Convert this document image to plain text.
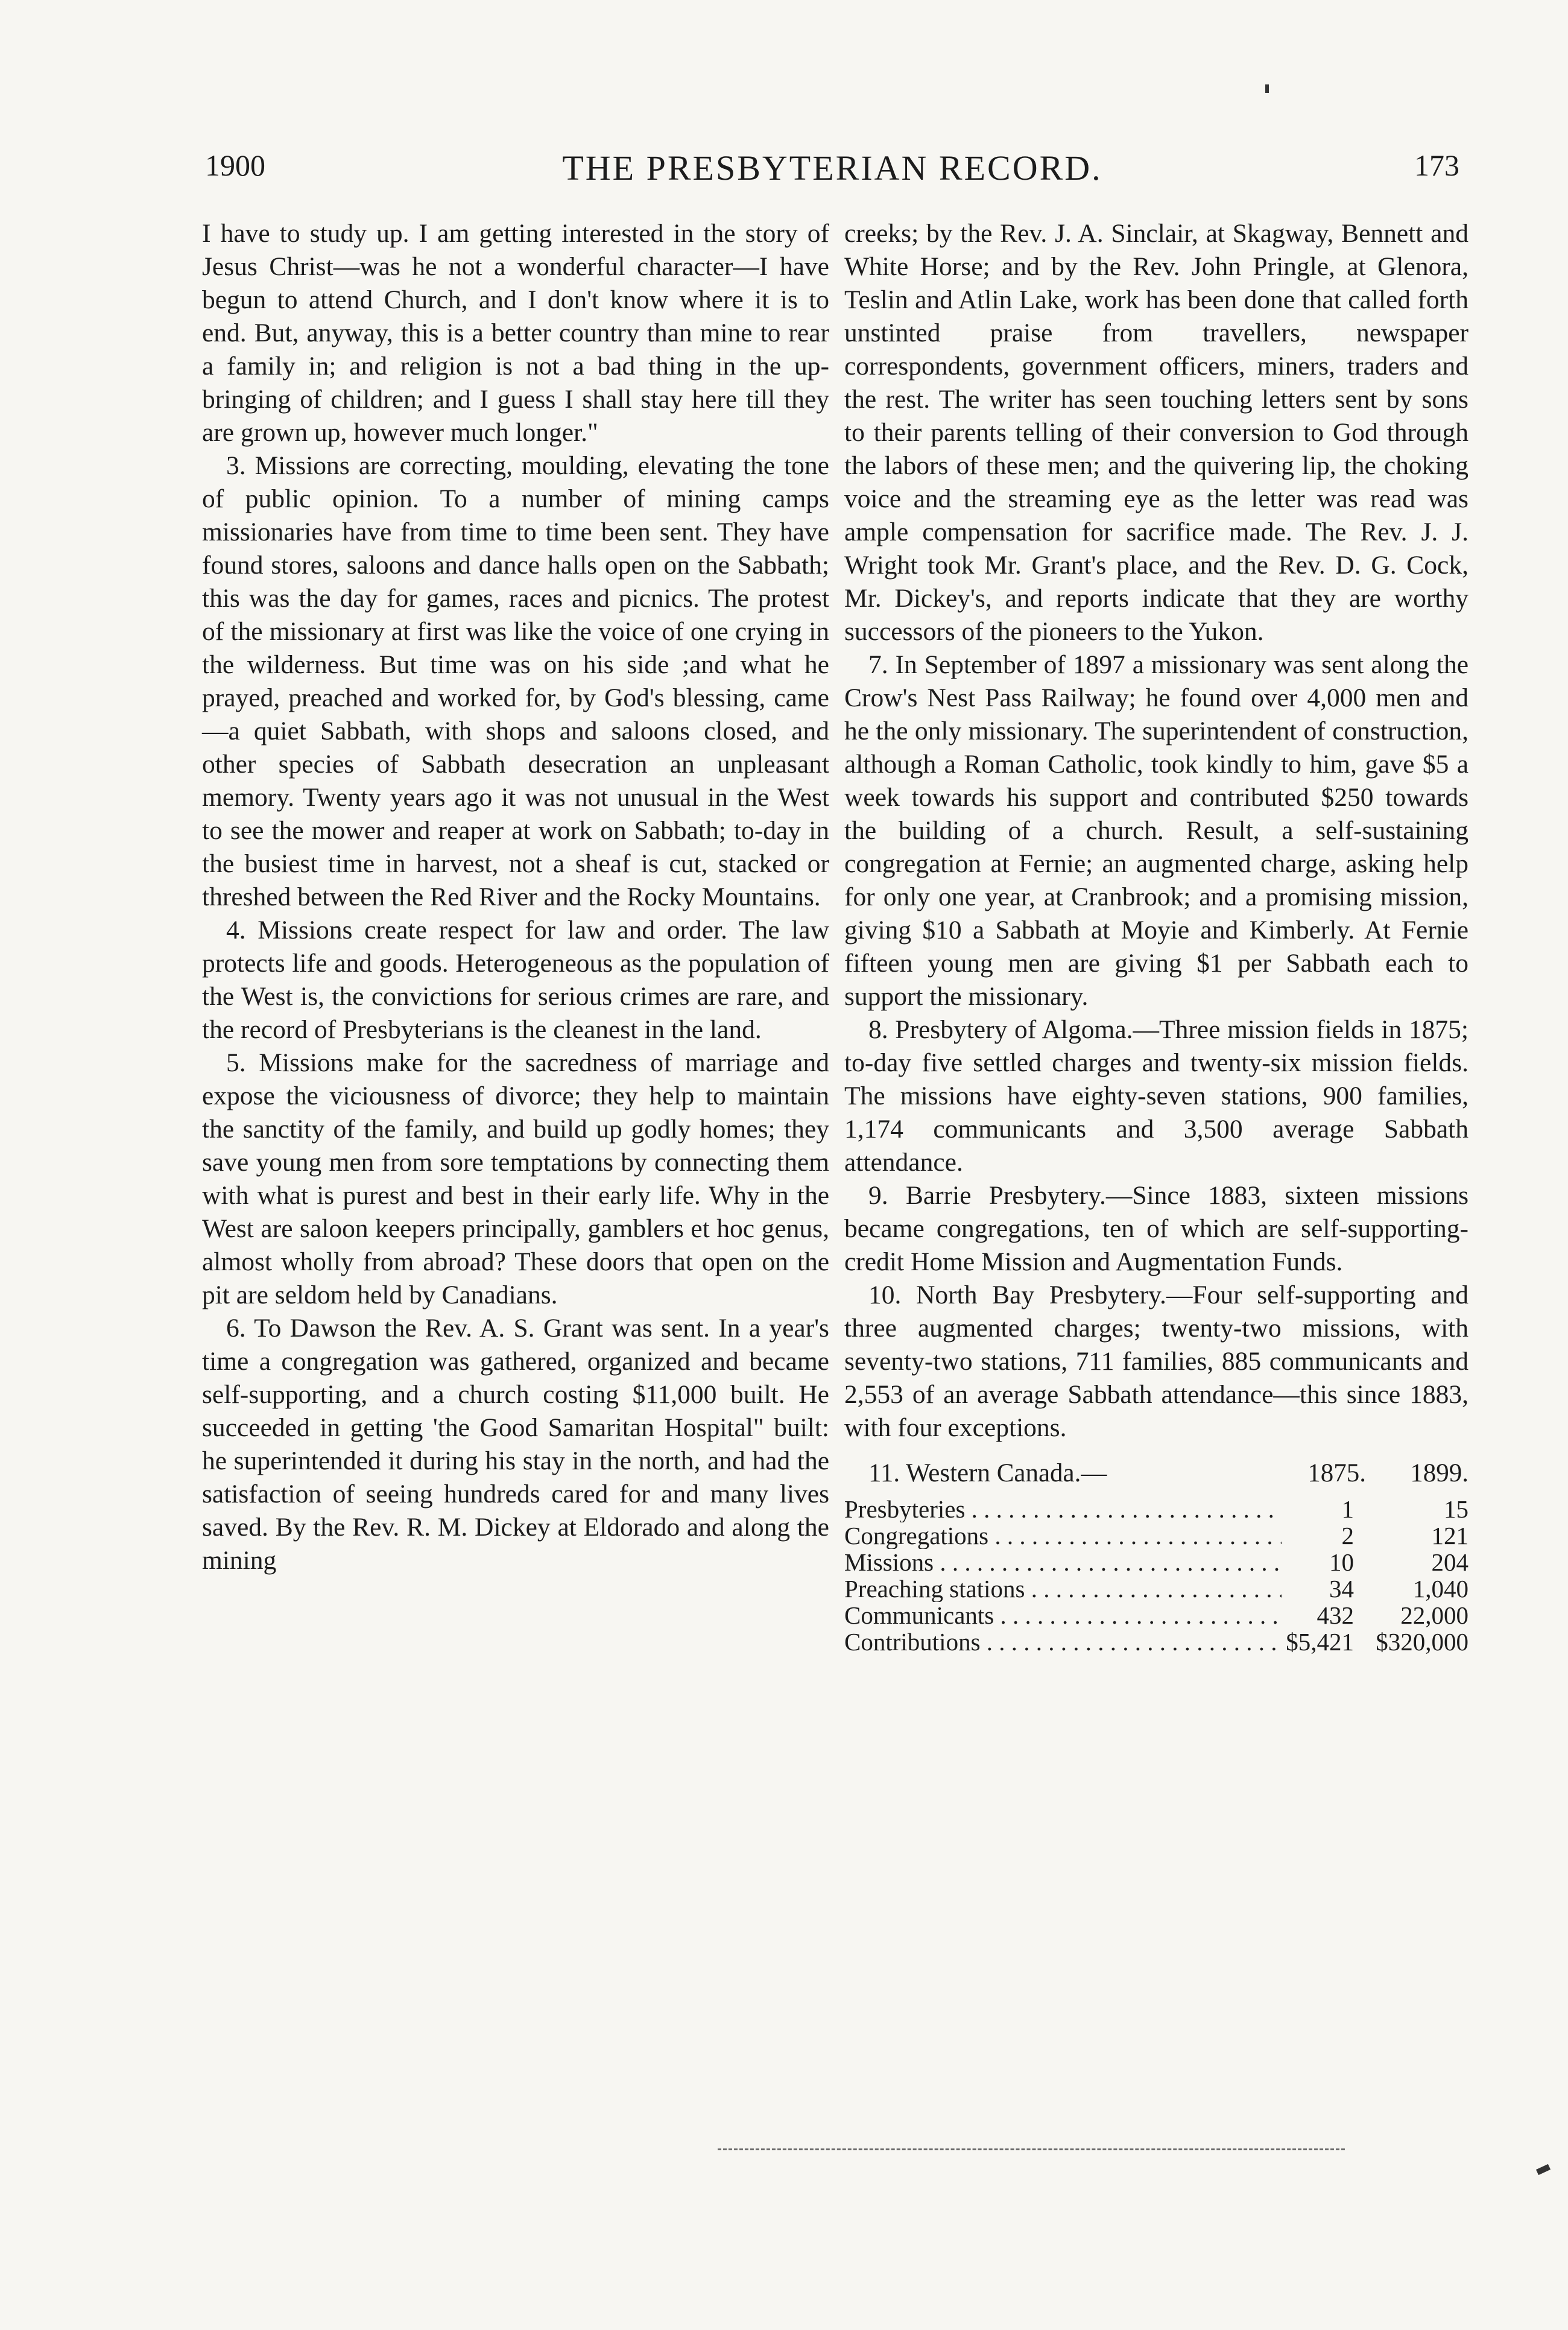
1900	THE PRESBYTERIAN RECORD.	173

I have to study up. I am getting interested in the story of Jesus Christ—was he not a wonderful character—I have begun to attend Church, and I don't know where it is to end. But, anyway, this is a better country than mine to rear a family in; and religion is not a bad thing in the up-bringing of children; and I guess I shall stay here till they are grown up, however much longer."

3. Missions are correcting, moulding, elevating the tone of public opinion. To a number of mining camps missionaries have from time to time been sent. They have found stores, saloons and dance halls open on the Sabbath; this was the day for games, races and picnics. The protest of the missionary at first was like the voice of one crying in the wilderness. But time was on his side ;and what he prayed, preached and worked for, by God's blessing, came—a quiet Sabbath, with shops and saloons closed, and other species of Sabbath desecration an unpleasant memory. Twenty years ago it was not unusual in the West to see the mower and reaper at work on Sabbath; to-day in the busiest time in harvest, not a sheaf is cut, stacked or threshed between the Red River and the Rocky Mountains.

4. Missions create respect for law and order. The law protects life and goods. Heterogeneous as the population of the West is, the convictions for serious crimes are rare, and the record of Presbyterians is the cleanest in the land.

5. Missions make for the sacredness of marriage and expose the viciousness of divorce; they help to maintain the sanctity of the family, and build up godly homes; they save young men from sore temptations by connecting them with what is purest and best in their early life. Why in the West are saloon keepers principally, gamblers et hoc genus, almost wholly from abroad? These doors that open on the pit are seldom held by Canadians.

6. To Dawson the Rev. A. S. Grant was sent. In a year's time a congregation was gathered, organized and became self-supporting, and a church costing $11,000 built. He succeeded in getting 'the Good Samaritan Hospital" built: he superintended it during his stay in the north, and had the satisfaction of seeing hundreds cared for and many lives saved. By the Rev. R. M. Dickey at Eldorado and along the mining

creeks; by the Rev. J. A. Sinclair, at Skagway, Bennett and White Horse; and by the Rev. John Pringle, at Glenora, Teslin and Atlin Lake, work has been done that called forth unstinted praise from travellers, newspaper correspondents, government officers, miners, traders and the rest. The writer has seen touching letters sent by sons to their parents telling of their conversion to God through the labors of these men; and the quivering lip, the choking voice and the streaming eye as the letter was read was ample compensation for sacrifice made. The Rev. J. J. Wright took Mr. Grant's place, and the Rev. D. G. Cock, Mr. Dickey's, and reports indicate that they are worthy successors of the pioneers to the Yukon.

7. In September of 1897 a missionary was sent along the Crow's Nest Pass Railway; he found over 4,000 men and he the only missionary. The superintendent of construction, although a Roman Catholic, took kindly to him, gave $5 a week towards his support and contributed $250 towards the building of a church. Result, a self-sustaining congregation at Fernie; an augmented charge, asking help for only one year, at Cranbrook; and a promising mission, giving $10 a Sabbath at Moyie and Kimberly. At Fernie fifteen young men are giving $1 per Sabbath each to support the missionary.

8. Presbytery of Algoma.—Three mission fields in 1875; to-day five settled charges and twenty-six mission fields. The missions have eighty-seven stations, 900 families, 1,174 communicants and 3,500 average Sabbath attendance.

9. Barrie Presbytery.—Since 1883, sixteen missions became congregations, ten of which are self-supporting-credit Home Mission and Augmentation Funds.

10. North Bay Presbytery.—Four self-supporting and three augmented charges; twenty-two missions, with seventy-two stations, 711 families, 885 communicants and 2,553 of an average Sabbath attendance—this since 1883, with four exceptions.

11. Western Canada.—	1875.	1899.
Presbyteries . . .	1	15
Congregations . . .	2	121
Missions . . .	10	204
Preaching stations . . .	34	1,040
Communicants . . .	432	22,000
Contributions . . .	$5,421 $320,000
